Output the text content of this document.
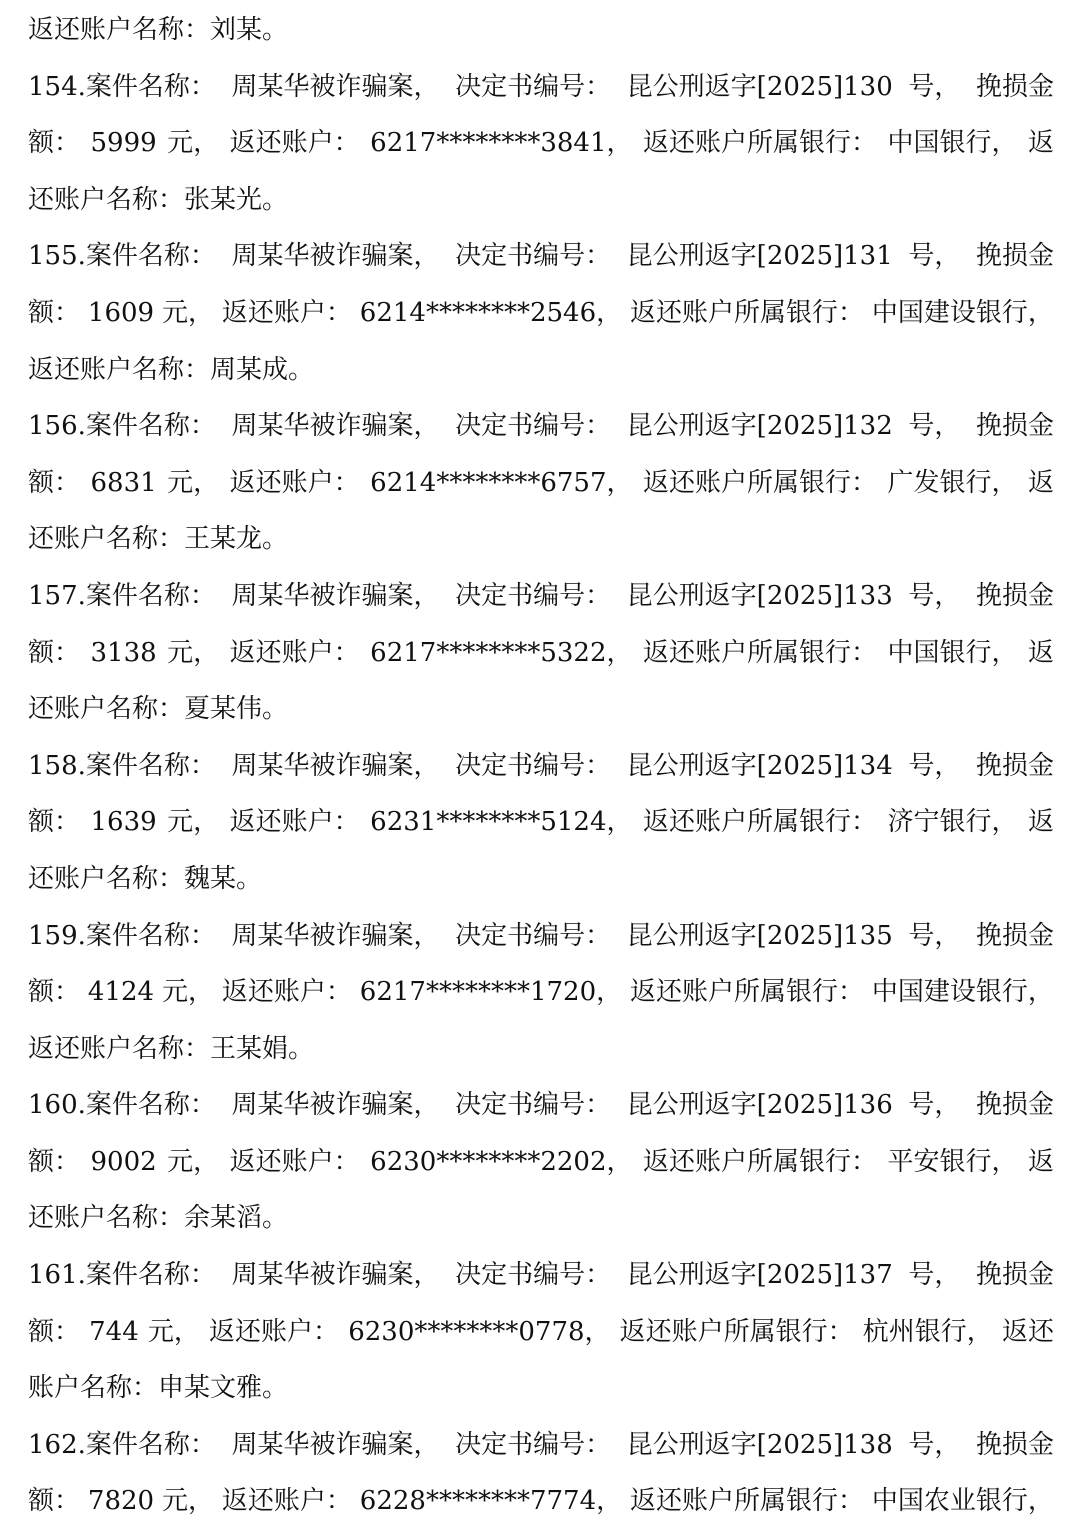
返还账户名称：刘某。
154.案件名称： 周某华被诈骗案， 决定书编号： 昆公刑返字[2025]130 号， 挽损金
额： 5999 元， 返还账户： 6217********3841， 返还账户所属银行： 中国银行， 返
还账户名称：张某光。
155.案件名称： 周某华被诈骗案， 决定书编号： 昆公刑返字[2025]131 号， 挽损金
额： 1609 元， 返还账户： 6214********2546， 返还账户所属银行： 中国建设银行，
返还账户名称：周某成。
156.案件名称： 周某华被诈骗案， 决定书编号： 昆公刑返字[2025]132 号， 挽损金
额： 6831 元， 返还账户： 6214********6757， 返还账户所属银行： 广发银行， 返
还账户名称：王某龙。
157.案件名称： 周某华被诈骗案， 决定书编号： 昆公刑返字[2025]133 号， 挽损金
额： 3138 元， 返还账户： 6217********5322， 返还账户所属银行： 中国银行， 返
还账户名称：夏某伟。
158.案件名称： 周某华被诈骗案， 决定书编号： 昆公刑返字[2025]134 号， 挽损金
额： 1639 元， 返还账户： 6231********5124， 返还账户所属银行： 济宁银行， 返
还账户名称：魏某。
159.案件名称： 周某华被诈骗案， 决定书编号： 昆公刑返字[2025]135 号， 挽损金
额： 4124 元， 返还账户： 6217********1720， 返还账户所属银行： 中国建设银行，
返还账户名称：王某娟。
160.案件名称： 周某华被诈骗案， 决定书编号： 昆公刑返字[2025]136 号， 挽损金
额： 9002 元， 返还账户： 6230********2202， 返还账户所属银行： 平安银行， 返
还账户名称：余某滔。
161.案件名称： 周某华被诈骗案， 决定书编号： 昆公刑返字[2025]137 号， 挽损金
额： 744 元， 返还账户： 6230********0778， 返还账户所属银行： 杭州银行， 返还
账户名称：申某文雅。
162.案件名称： 周某华被诈骗案， 决定书编号： 昆公刑返字[2025]138 号， 挽损金
额： 7820 元， 返还账户： 6228********7774， 返还账户所属银行： 中国农业银行，
